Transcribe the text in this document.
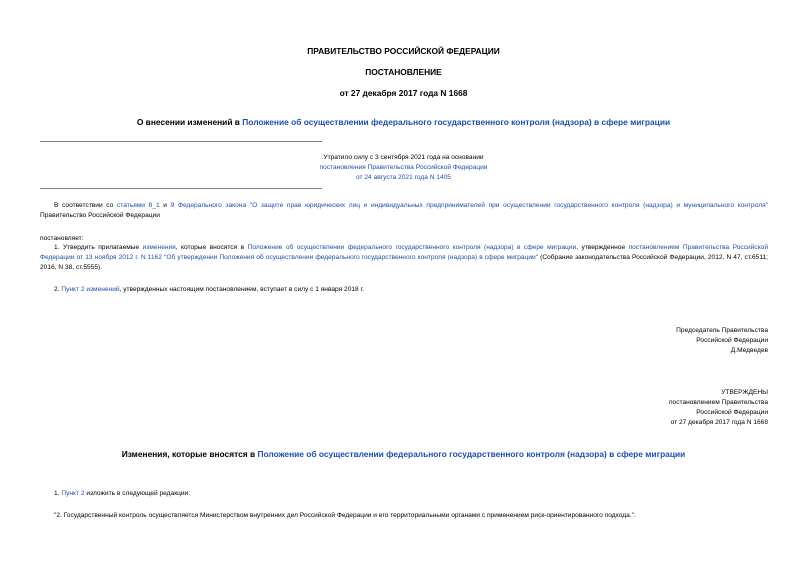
ПРАВИТЕЛЬСТВО РОССИЙСКОЙ ФЕДЕРАЦИИ
ПОСТАНОВЛЕНИЕ
от 27 декабря 2017 года N 1668
О внесении изменений в Положение об осуществлении федерального государственного контроля (надзора) в сфере миграции
Утратило силу с 3 сентября 2021 года на основании
постановления Правительства Российской Федерации
от 24 августа 2021 года N 1405
В соответствии со статьями 8_1 и 9 Федерального закона "О защите прав юридических лиц и индивидуальных предпринимателей при осуществлении государственного контроля (надзора) и муниципального контроля" Правительство Российской Федерации
постановляет:
1. Утвердить прилагаемые изменения, которые вносятся в Положение об осуществлении федерального государственного контроля (надзора) в сфере миграции, утвержденное постановлением Правительства Российской Федерации от 13 ноября 2012 г. N 1162 "Об утверждении Положения об осуществлении федерального государственного контроля (надзора) в сфере миграции" (Собрание законодательства Российской Федерации, 2012, N 47, ст.6511; 2016, N 38, ст.5555).
2. Пункт 2 изменений, утвержденных настоящим постановлением, вступает в силу с 1 января 2018 г.
Председатель Правительства
Российской Федерации
Д.Медведев
УТВЕРЖДЕНЫ
постановлением Правительства
Российской Федерации
от 27 декабря 2017 года N 1668
Изменения, которые вносятся в Положение об осуществлении федерального государственного контроля (надзора) в сфере миграции
1. Пункт 2 изложить в следующей редакции:
"2. Государственный контроль осуществляется Министерством внутренних дел Российской Федерации и его территориальными органами с применением риск-ориентированного подхода.".
